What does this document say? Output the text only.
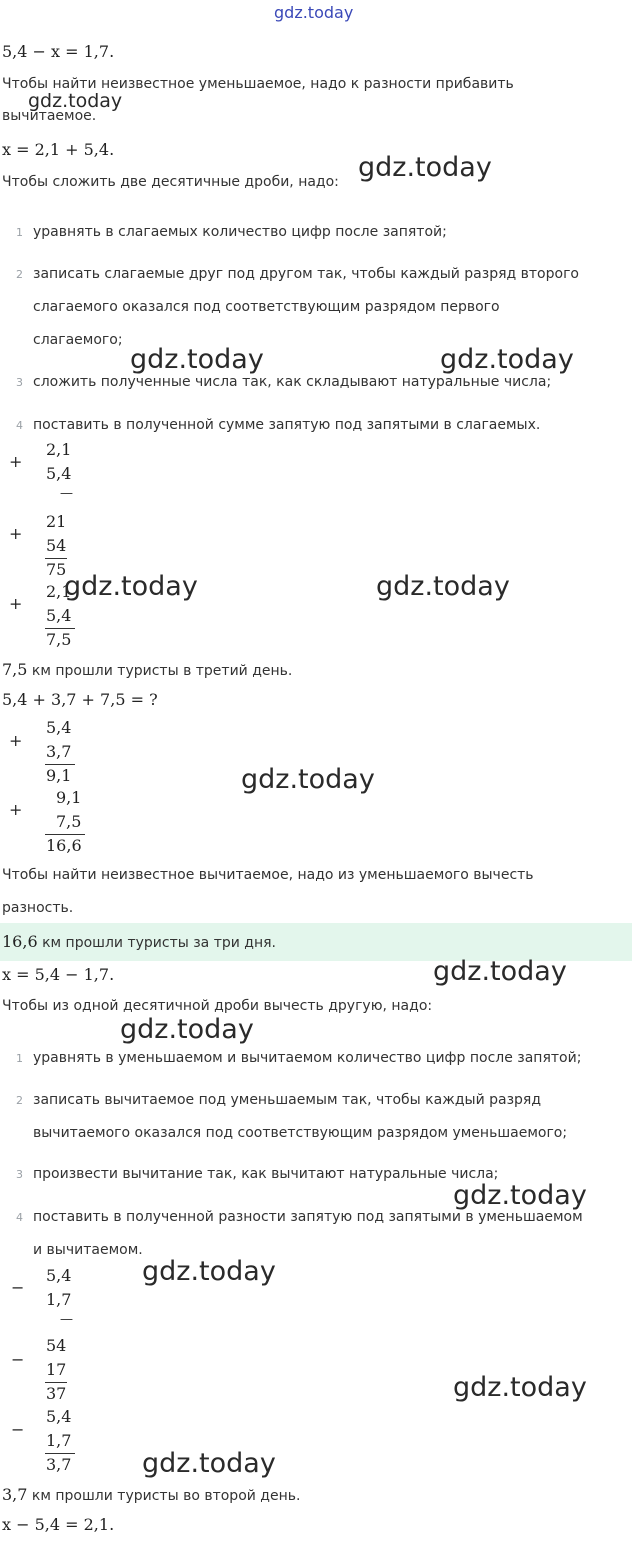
gdz.today
5,4 − x = 1,7.
Чтобы найти неизвестное уменьшаемое, надо к разности прибавить
gdz.today
вычитаемое.
x = 2,1 + 5,4.
Чтобы сложить две десятичные дроби, надо: gdz.today
1 уравнять в слагаемых количество цифр после запятой;
2 записать слагаемые друг под другом так, чтобы каждый разряд второго
слагаемого оказался под соответствующим разрядом первого
слагаемого;
gdz.today	gdz.today
3 сложить полученные числа так, как складывают натуральные числа;
4 поставить в полученной сумме запятую под запятыми в слагаемых.
+
2,1
5,4
—
+
21
54
75
+
2,1
gdz.today	gdz.today
5,4
7,5
7,5 км прошли туристы в третий день.
5,4 + 3,7 + 7,5 = ?
+
5,4
3,7
9,1	gdz.today
+
9,1
7,5
16,6
Чтобы найти неизвестное вычитаемое, надо из уменьшаемого вычесть
разность.
16,6 км прошли туристы за три дня.
x = 5,4 − 1,7.	gdz.today
Чтобы из одной десятичной дроби вычесть другую, надо:
gdz.today
1 уравнять в уменьшаемом и вычитаемом количество цифр после запятой;
2 записать вычитаемое под уменьшаемым так, чтобы каждый разряд
вычитаемого оказался под соответствующим разрядом уменьшаемого;
3 произвести вычитание так, как вычитают натуральные числа;
gdz.today
4 поставить в полученной разности запятую под запятыми в уменьшаемом
и вычитаемом.
−
5,4	gdz.today
1,7
—
−
54
17
37	gdz.today
−
5,4
1,7
3,7	gdz.today
3,7 км прошли туристы во второй день.
x − 5,4 = 2,1.
